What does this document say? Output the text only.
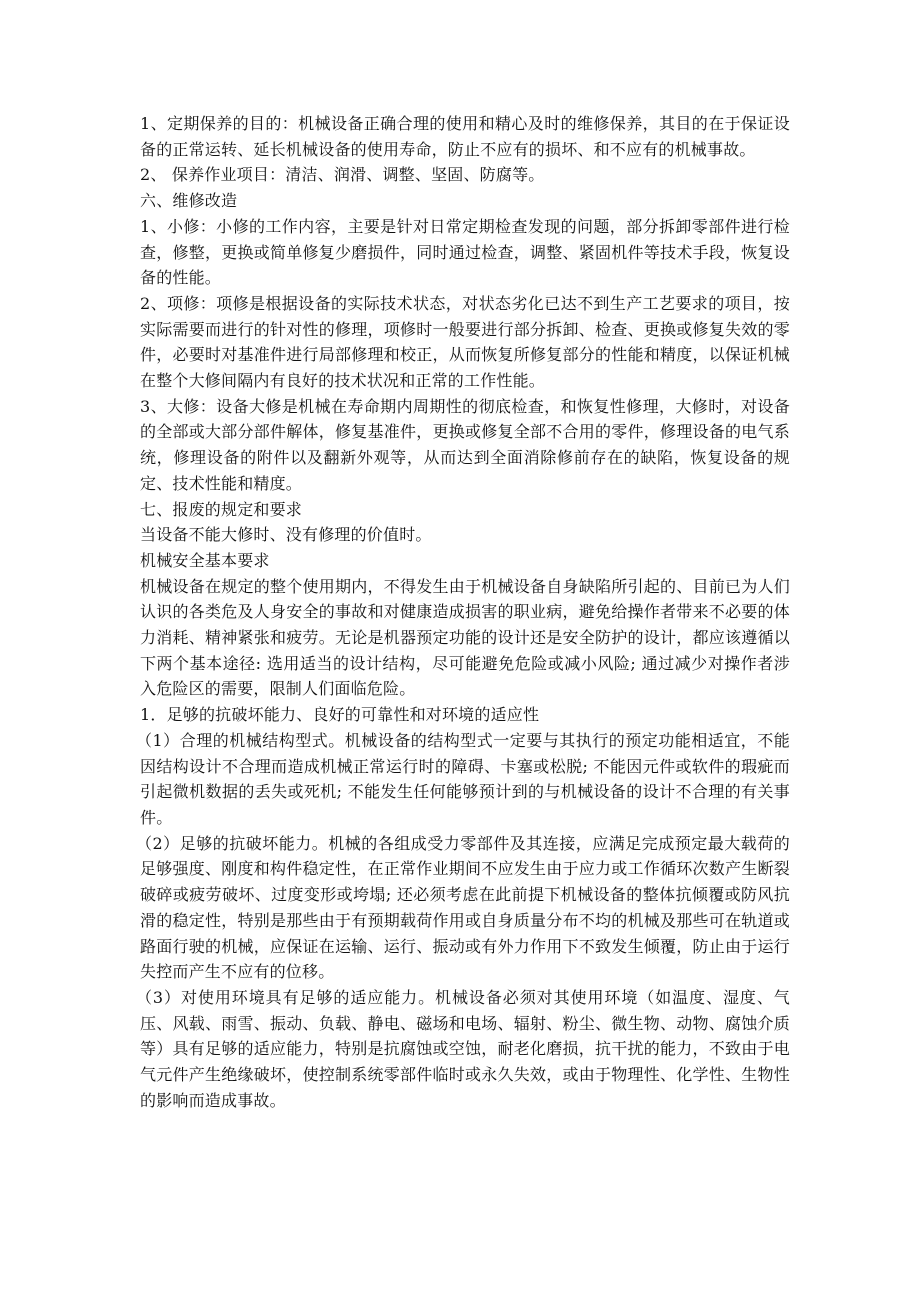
1、定期保养的目的：机械设备正确合理的使用和精心及时的维修保养，其目的在于保证设备的正常运转、延长机械设备的使用寿命，防止不应有的损坏、和不应有的机械事故。

2、 保养作业项目：清洁、润滑、调整、坚固、防腐等。

六、维修改造

1、小修：小修的工作内容，主要是针对日常定期检查发现的问题，部分拆卸零部件进行检查，修整，更换或简单修复少磨损件，同时通过检查，调整、紧固机件等技术手段，恢复设备的性能。

2、项修：项修是根据设备的实际技术状态，对状态劣化已达不到生产工艺要求的项目，按实际需要而进行的针对性的修理，项修时一般要进行部分拆卸、检查、更换或修复失效的零件，必要时对基准件进行局部修理和校正，从而恢复所修复部分的性能和精度，以保证机械在整个大修间隔内有良好的技术状况和正常的工作性能。

3、大修：设备大修是机械在寿命期内周期性的彻底检查，和恢复性修理，大修时，对设备的全部或大部分部件解体，修复基准件，更换或修复全部不合用的零件，修理设备的电气系统，修理设备的附件以及翻新外观等，从而达到全面消除修前存在的缺陷，恢复设备的规定、技术性能和精度。

七、报废的规定和要求

当设备不能大修时、没有修理的价值时。

机械安全基本要求

机械设备在规定的整个使用期内，不得发生由于机械设备自身缺陷所引起的、目前已为人们认识的各类危及人身安全的事故和对健康造成损害的职业病，避免给操作者带来不必要的体力消耗、精神紧张和疲劳。无论是机器预定功能的设计还是安全防护的设计，都应该遵循以下两个基本途径: 选用适当的设计结构，尽可能避免危险或减小风险; 通过减少对操作者涉入危险区的需要，限制人们面临危险。

1．足够的抗破坏能力、良好的可靠性和对环境的适应性

（1）合理的机械结构型式。机械设备的结构型式一定要与其执行的预定功能相适宜，不能因结构设计不合理而造成机械正常运行时的障碍、卡塞或松脱; 不能因元件或软件的瑕疵而引起微机数据的丢失或死机; 不能发生任何能够预计到的与机械设备的设计不合理的有关事件。

（2）足够的抗破坏能力。机械的各组成受力零部件及其连接，应满足完成预定最大载荷的足够强度、刚度和构件稳定性，在正常作业期间不应发生由于应力或工作循环次数产生断裂破碎或疲劳破坏、过度变形或垮塌; 还必须考虑在此前提下机械设备的整体抗倾覆或防风抗滑的稳定性，特别是那些由于有预期载荷作用或自身质量分布不均的机械及那些可在轨道或路面行驶的机械，应保证在运输、运行、振动或有外力作用下不致发生倾覆，防止由于运行失控而产生不应有的位移。

（3）对使用环境具有足够的适应能力。机械设备必须对其使用环境（如温度、湿度、气压、风载、雨雪、振动、负载、静电、磁场和电场、辐射、粉尘、微生物、动物、腐蚀介质等）具有足够的适应能力，特别是抗腐蚀或空蚀，耐老化磨损，抗干扰的能力，不致由于电气元件产生绝缘破坏，使控制系统零部件临时或永久失效，或由于物理性、化学性、生物性的影响而造成事故。
